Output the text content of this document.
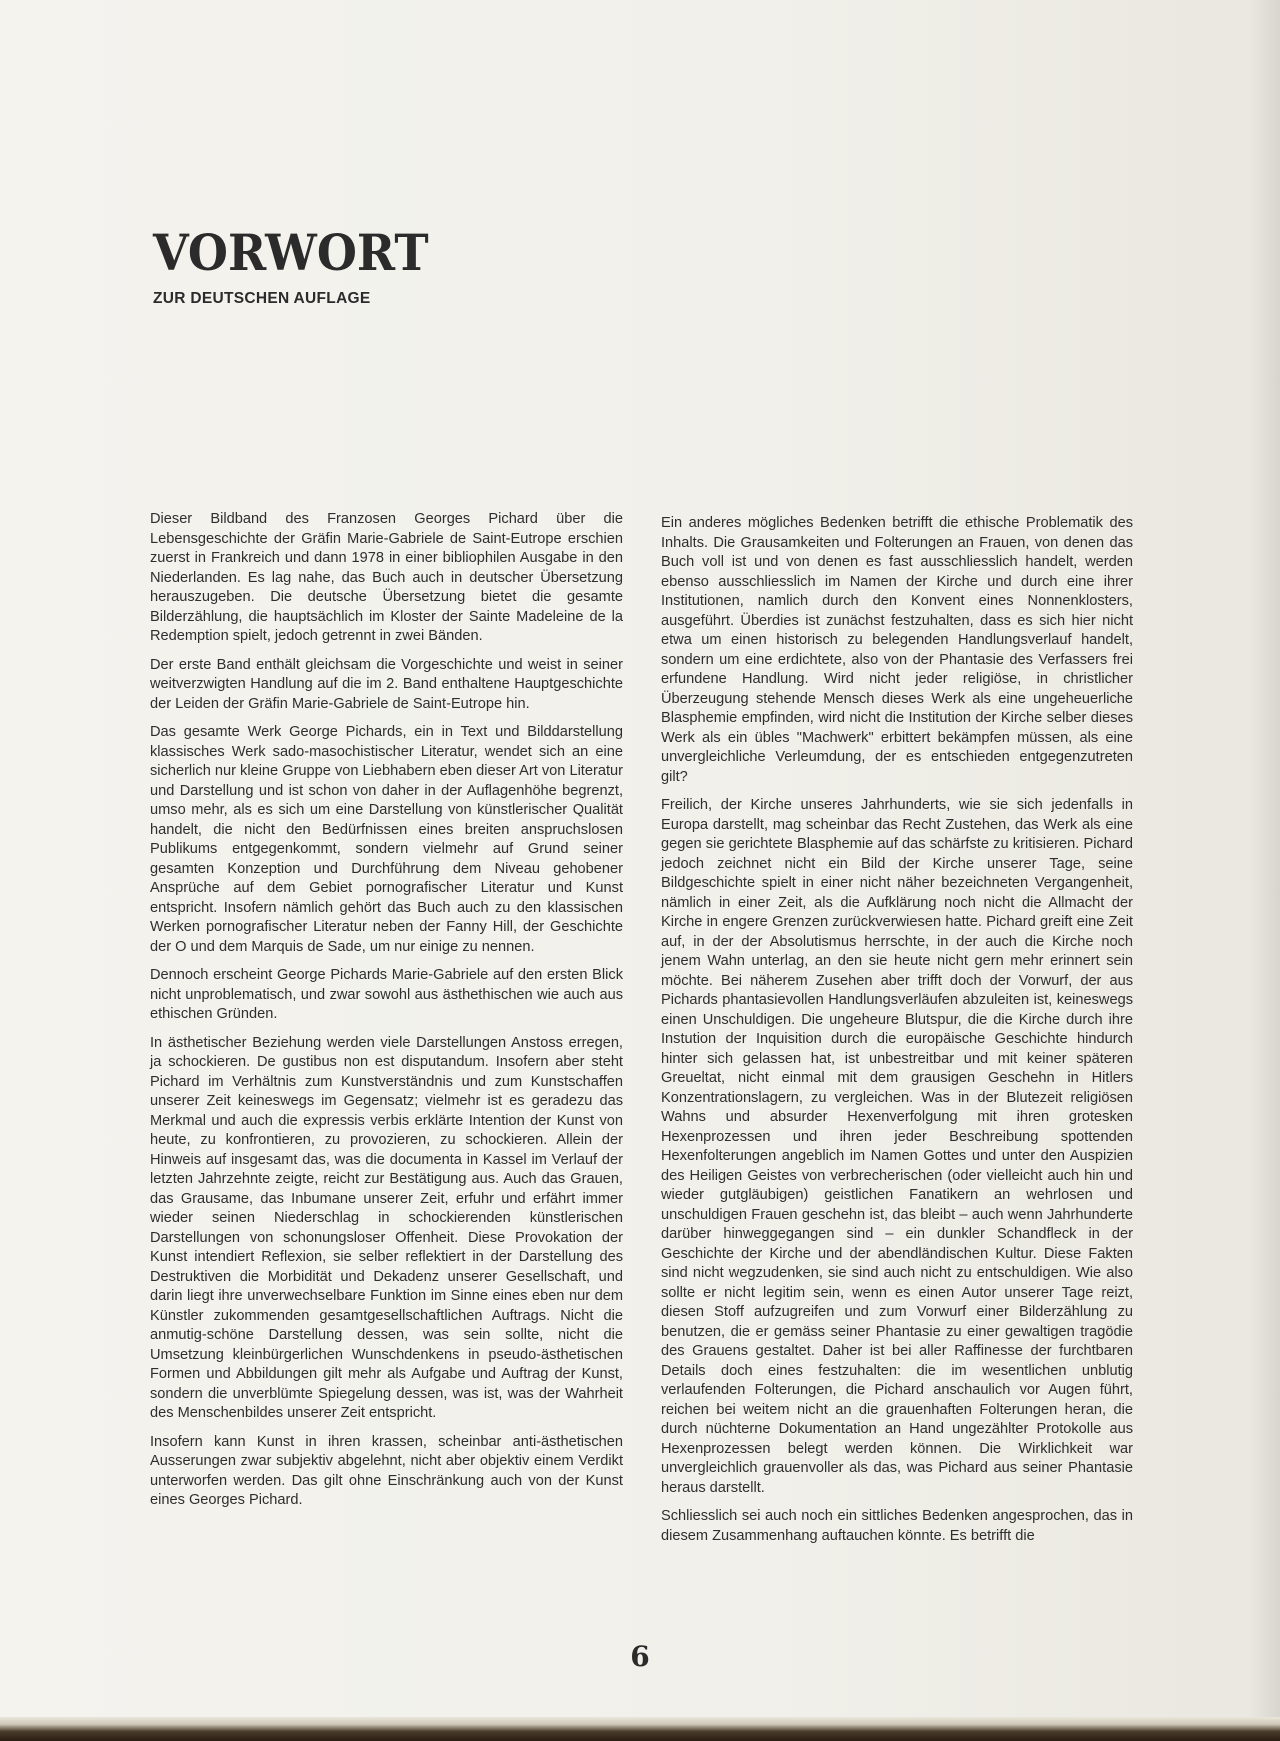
VORWORT
ZUR DEUTSCHEN AUFLAGE

Dieser Bildband des Franzosen Georges Pichard über die Lebensgeschichte der Gräfin Marie-Gabriele de Saint-Eutrope erschien zuerst in Frankreich und dann 1978 in einer bibliophilen Ausgabe in den Niederlanden. Es lag nahe, das Buch auch in deutscher Übersetzung herauszugeben. Die deutsche Übersetzung bietet die gesamte Bilderzählung, die hauptsächlich im Kloster der Sainte Madeleine de la Redemption spielt, jedoch getrennt in zwei Bänden.

Der erste Band enthält gleichsam die Vorgeschichte und weist in seiner weitverzwigten Handlung auf die im 2. Band enthaltene Hauptgeschichte der Leiden der Gräfin Marie-Gabriele de Saint-Eutrope hin.

Das gesamte Werk George Pichards, ein in Text und Bilddarstellung klassisches Werk sado-masochistischer Literatur, wendet sich an eine sicherlich nur kleine Gruppe von Liebhabern eben dieser Art von Literatur und Darstellung und ist schon von daher in der Auflagenhöhe begrenzt, umso mehr, als es sich um eine Darstellung von künstlerischer Qualität handelt, die nicht den Bedürfnissen eines breiten anspruchslosen Publikums entgegenkommt, sondern vielmehr auf Grund seiner gesamten Konzeption und Durchführung dem Niveau gehobener Ansprüche auf dem Gebiet pornografischer Literatur und Kunst entspricht. Insofern nämlich gehört das Buch auch zu den klassischen Werken pornografischer Literatur neben der Fanny Hill, der Geschichte der O und dem Marquis de Sade, um nur einige zu nennen.

Dennoch erscheint George Pichards Marie-Gabriele auf den ersten Blick nicht unproblematisch, und zwar sowohl aus ästhethischen wie auch aus ethischen Gründen.

In ästhetischer Beziehung werden viele Darstellungen Anstoss erregen, ja schockieren. De gustibus non est disputandum. Insofern aber steht Pichard im Verhältnis zum Kunstverständnis und zum Kunstschaffen unserer Zeit keineswegs im Gegensatz; vielmehr ist es geradezu das Merkmal und auch die expressis verbis erklärte Intention der Kunst von heute, zu konfrontieren, zu provozieren, zu schockieren. Allein der Hinweis auf insgesamt das, was die documenta in Kassel im Verlauf der letzten Jahrzehnte zeigte, reicht zur Bestätigung aus. Auch das Grauen, das Grausame, das Inbumane unserer Zeit, erfuhr und erfährt immer wieder seinen Niederschlag in schockierenden künstlerischen Darstellungen von schonungsloser Offenheit. Diese Provokation der Kunst intendiert Reflexion, sie selber reflektiert in der Darstellung des Destruktiven die Morbidität und Dekadenz unserer Gesellschaft, und darin liegt ihre unverwechselbare Funktion im Sinne eines eben nur dem Künstler zukommenden gesamtgesellschaftlichen Auftrags. Nicht die anmutig-schöne Darstellung dessen, was sein sollte, nicht die Umsetzung kleinbürgerlichen Wunschdenkens in pseudo-ästhetischen Formen und Abbildungen gilt mehr als Aufgabe und Auftrag der Kunst, sondern die unverblümte Spiegelung dessen, was ist, was der Wahrheit des Menschenbildes unserer Zeit entspricht.

Insofern kann Kunst in ihren krassen, scheinbar anti-ästhetischen Ausserungen zwar subjektiv abgelehnt, nicht aber objektiv einem Verdikt unterworfen werden. Das gilt ohne Einschränkung auch von der Kunst eines Georges Pichard.

Ein anderes mögliches Bedenken betrifft die ethische Problematik des Inhalts. Die Grausamkeiten und Folterungen an Frauen, von denen das Buch voll ist und von denen es fast ausschliesslich handelt, werden ebenso ausschliesslich im Namen der Kirche und durch eine ihrer Institutionen, namlich durch den Konvent eines Nonnenklosters, ausgeführt. Überdies ist zunächst festzuhalten, dass es sich hier nicht etwa um einen historisch zu belegenden Handlungsverlauf handelt, sondern um eine erdichtete, also von der Phantasie des Verfassers frei erfundene Handlung. Wird nicht jeder religiöse, in christlicher Überzeugung stehende Mensch dieses Werk als eine ungeheuerliche Blasphemie empfinden, wird nicht die Institution der Kirche selber dieses Werk als ein übles "Machwerk" erbittert bekämpfen müssen, als eine unvergleichliche Verleumdung, der es entschieden entgegenzutreten gilt?

Freilich, der Kirche unseres Jahrhunderts, wie sie sich jedenfalls in Europa darstellt, mag scheinbar das Recht Zustehen, das Werk als eine gegen sie gerichtete Blasphemie auf das schärfste zu kritisieren. Pichard jedoch zeichnet nicht ein Bild der Kirche unserer Tage, seine Bildgeschichte spielt in einer nicht näher bezeichneten Vergangenheit, nämlich in einer Zeit, als die Aufklärung noch nicht die Allmacht der Kirche in engere Grenzen zurückverwiesen hatte. Pichard greift eine Zeit auf, in der der Absolutismus herrschte, in der auch die Kirche noch jenem Wahn unterlag, an den sie heute nicht gern mehr erinnert sein möchte. Bei näherem Zusehen aber trifft doch der Vorwurf, der aus Pichards phantasievollen Handlungsverläufen abzuleiten ist, keineswegs einen Unschuldigen. Die ungeheure Blutspur, die die Kirche durch ihre Instution der Inquisition durch die europäische Geschichte hindurch hinter sich gelassen hat, ist unbestreitbar und mit keiner späteren Greueltat, nicht einmal mit dem grausigen Geschehn in Hitlers Konzentrationslagern, zu vergleichen. Was in der Blutezeit religiösen Wahns und absurder Hexenverfolgung mit ihren grotesken Hexenprozessen und ihren jeder Beschreibung spottenden Hexenfolterungen angeblich im Namen Gottes und unter den Auspizien des Heiligen Geistes von verbrecherischen (oder vielleicht auch hin und wieder gutgläubigen) geistlichen Fanatikern an wehrlosen und unschuldigen Frauen geschehn ist, das bleibt – auch wenn Jahrhunderte darüber hinweggegangen sind – ein dunkler Schandfleck in der Geschichte der Kirche und der abendländischen Kultur. Diese Fakten sind nicht wegzudenken, sie sind auch nicht zu entschuldigen. Wie also sollte er nicht legitim sein, wenn es einen Autor unserer Tage reizt, diesen Stoff aufzugreifen und zum Vorwurf einer Bilderzählung zu benutzen, die er gemäss seiner Phantasie zu einer gewaltigen tragödie des Grauens gestaltet. Daher ist bei aller Raffinesse der furchtbaren Details doch eines festzuhalten: die im wesentlichen unblutig verlaufenden Folterungen, die Pichard anschaulich vor Augen führt, reichen bei weitem nicht an die grauenhaften Folterungen heran, die durch nüchterne Dokumentation an Hand ungezählter Protokolle aus Hexenprozessen belegt werden können. Die Wirklichkeit war unvergleichlich grauenvoller als das, was Pichard aus seiner Phantasie heraus darstellt.

Schliesslich sei auch noch ein sittliches Bedenken angesprochen, das in diesem Zusammenhang auftauchen könnte. Es betrifft die

6
